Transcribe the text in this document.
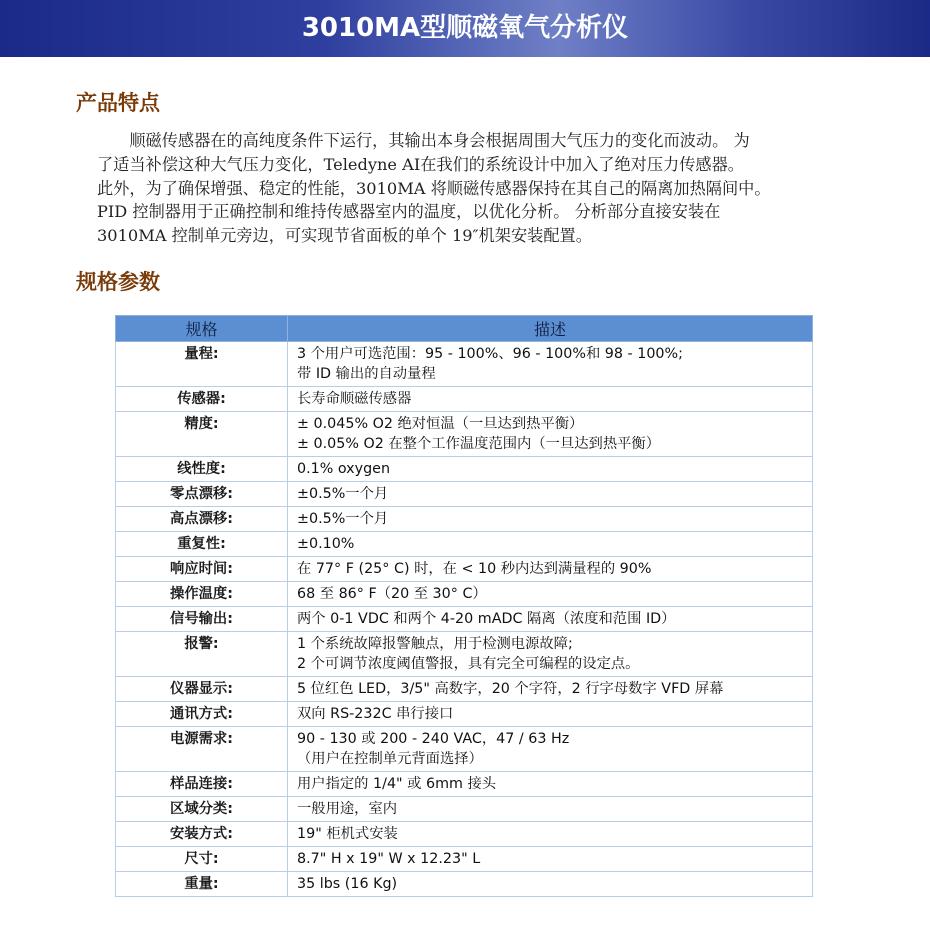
3010MA型顺磁氧气分析仪
产品特点
　　顺磁传感器在的高纯度条件下运行，其输出本身会根据周围大气压力的变化而波动。 为
了适当补偿这种大气压力变化，Teledyne AI在我们的系统设计中加入了绝对压力传感器。
此外，为了确保增强、稳定的性能，3010MA 将顺磁传感器保持在其自己的隔离加热隔间中。
PID 控制器用于正确控制和维持传感器室内的温度，以优化分析。 分析部分直接安装在
3010MA 控制单元旁边，可实现节省面板的单个 19″机架安装配置。
规格参数
规格	描述
量程:	3 个用户可选范围：95 - 100%、96 - 100%和 98 - 100%;
带 ID 输出的自动量程

传感器:	长寿命顺磁传感器

精度:	± 0.045% O2 绝对恒温（一旦达到热平衡）
± 0.05% O2 在整个工作温度范围内（一旦达到热平衡）

线性度:	0.1% oxygen

零点漂移:	±0.5%一个月

高点漂移:	±0.5%一个月

重复性:	±0.10%

响应时间:	在 77° F (25° C) 时，在 < 10 秒内达到满量程的 90%

操作温度:	68 至 86° F（20 至 30° C）

信号输出:	两个 0-1 VDC 和两个 4-20 mADC 隔离（浓度和范围 ID）

报警:	1 个系统故障报警触点，用于检测电源故障;
2 个可调节浓度阈值警报，具有完全可编程的设定点。

仪器显示:	5 位红色 LED，3/5" 高数字，20 个字符，2 行字母数字 VFD 屏幕

通讯方式:	双向 RS-232C 串行接口

电源需求:	90 - 130 或 200 - 240 VAC，47 / 63 Hz
（用户在控制单元背面选择）

样品连接:	用户指定的 1/4" 或 6mm 接头

区域分类:	一般用途，室内

安装方式:	19" 柜机式安装

尺寸:	8.7" H x 19" W x 12.23" L

重量:	35 lbs (16 Kg)
